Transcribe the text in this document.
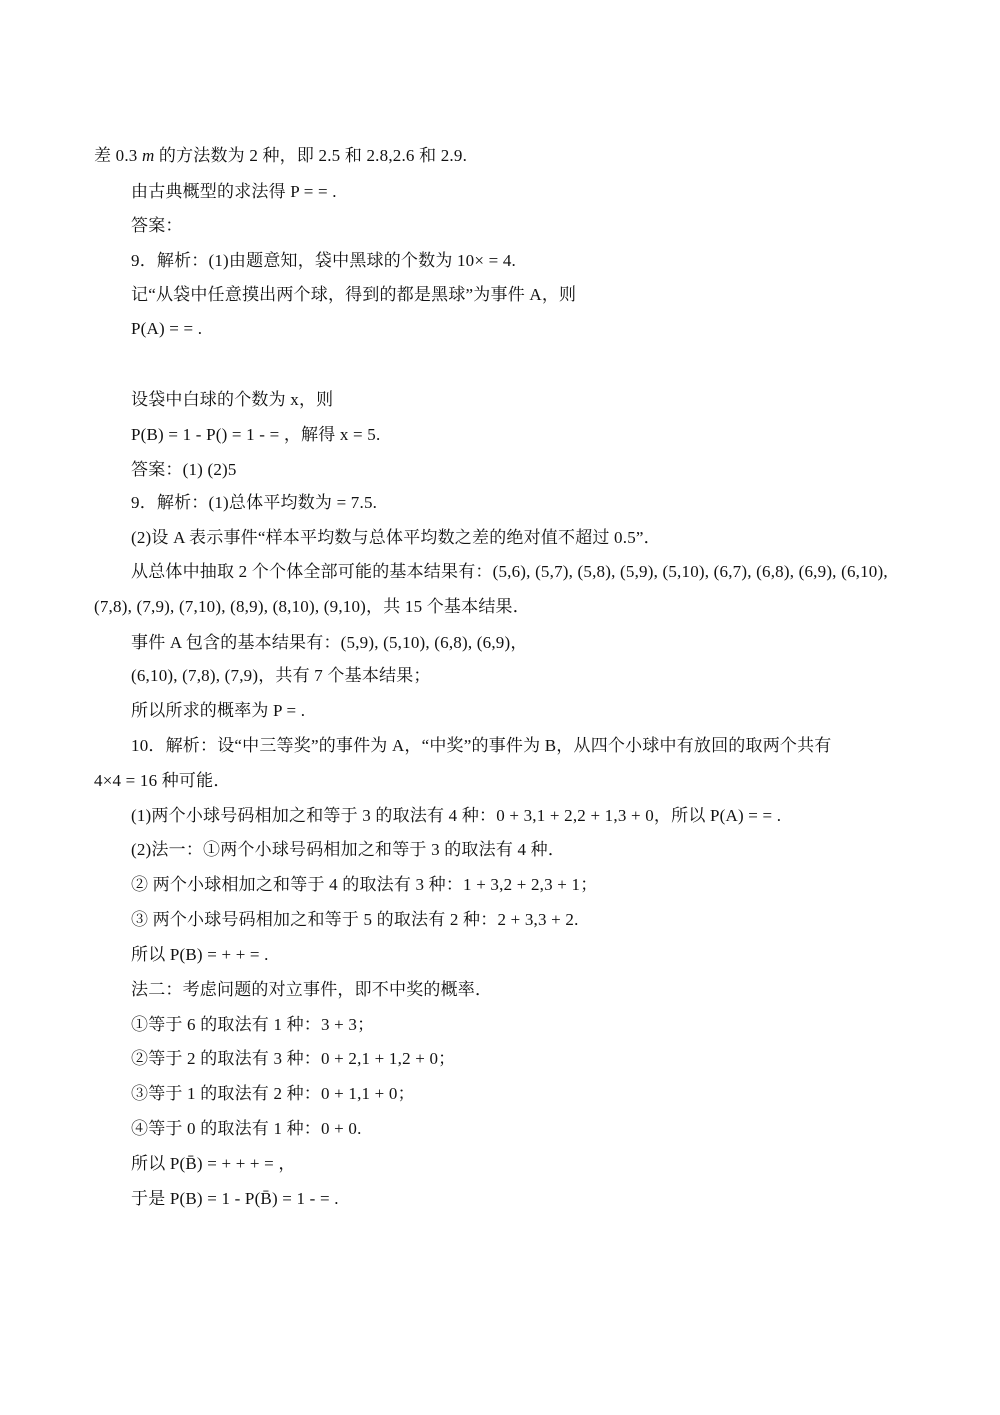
差 0.3 m 的方法数为 2 种，即 2.5 和 2.8,2.6 和 2.9.
由古典概型的求法得 P = = .
答案：
9．解析：(1)由题意知，袋中黑球的个数为 10× = 4.
记“从袋中任意摸出两个球，得到的都是黑球”为事件 A，则
P(A) = = .
设袋中白球的个数为 x，则
P(B) = 1 - P() = 1 - = ，解得 x = 5.
答案：(1) (2)5
9．解析：(1)总体平均数为 = 7.5.
(2)设 A 表示事件“样本平均数与总体平均数之差的绝对值不超过 0.5”．
从总体中抽取 2 个个体全部可能的基本结果有：(5,6), (5,7), (5,8), (5,9), (5,10), (6,7), (6,8), (6,9), (6,10),
(7,8), (7,9), (7,10), (8,9), (8,10), (9,10)，共 15 个基本结果．
事件 A 包含的基本结果有：(5,9), (5,10), (6,8), (6,9)，
(6,10), (7,8), (7,9)，共有 7 个基本结果；
所以所求的概率为 P = .
10．解析：设“中三等奖”的事件为 A，“中奖”的事件为 B，从四个小球中有放回的取两个共有
4×4 = 16 种可能．
(1)两个小球号码相加之和等于 3 的取法有 4 种：0 + 3,1 + 2,2 + 1,3 + 0，所以 P(A) = = .
(2)法一：①两个小球号码相加之和等于 3 的取法有 4 种．
② 两个小球相加之和等于 4 的取法有 3 种：1 + 3,2 + 2,3 + 1；
③ 两个小球号码相加之和等于 5 的取法有 2 种：2 + 3,3 + 2.
所以 P(B) = + + = .
法二：考虑问题的对立事件，即不中奖的概率．
①等于 6 的取法有 1 种：3 + 3；
②等于 2 的取法有 3 种：0 + 2,1 + 1,2 + 0；
③等于 1 的取法有 2 种：0 + 1,1 + 0；
④等于 0 的取法有 1 种：0 + 0.
所以 P(B̄) = + + + = ，
于是 P(B) = 1 - P(B̄) = 1 - = .
